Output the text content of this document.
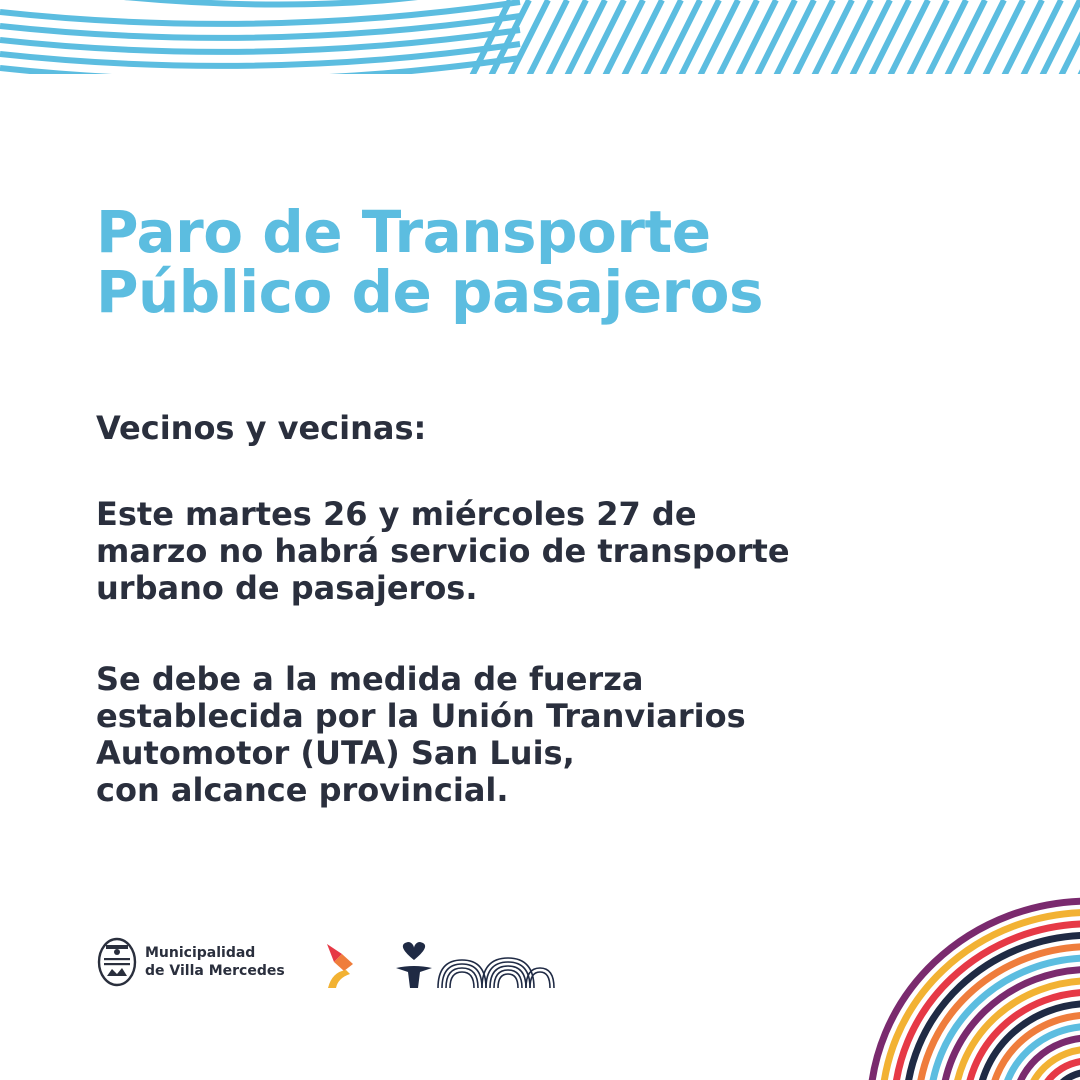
Paro de Transporte
Público de pasajeros

Vecinos y vecinas:

Este martes 26 y miércoles 27 de
marzo no habrá servicio de transporte
urbano de pasajeros.

Se debe a la medida de fuerza
establecida por la Unión Tranviarios
Automotor (UTA) San Luis,
con alcance provincial.

Municipalidad
de Villa Mercedes
